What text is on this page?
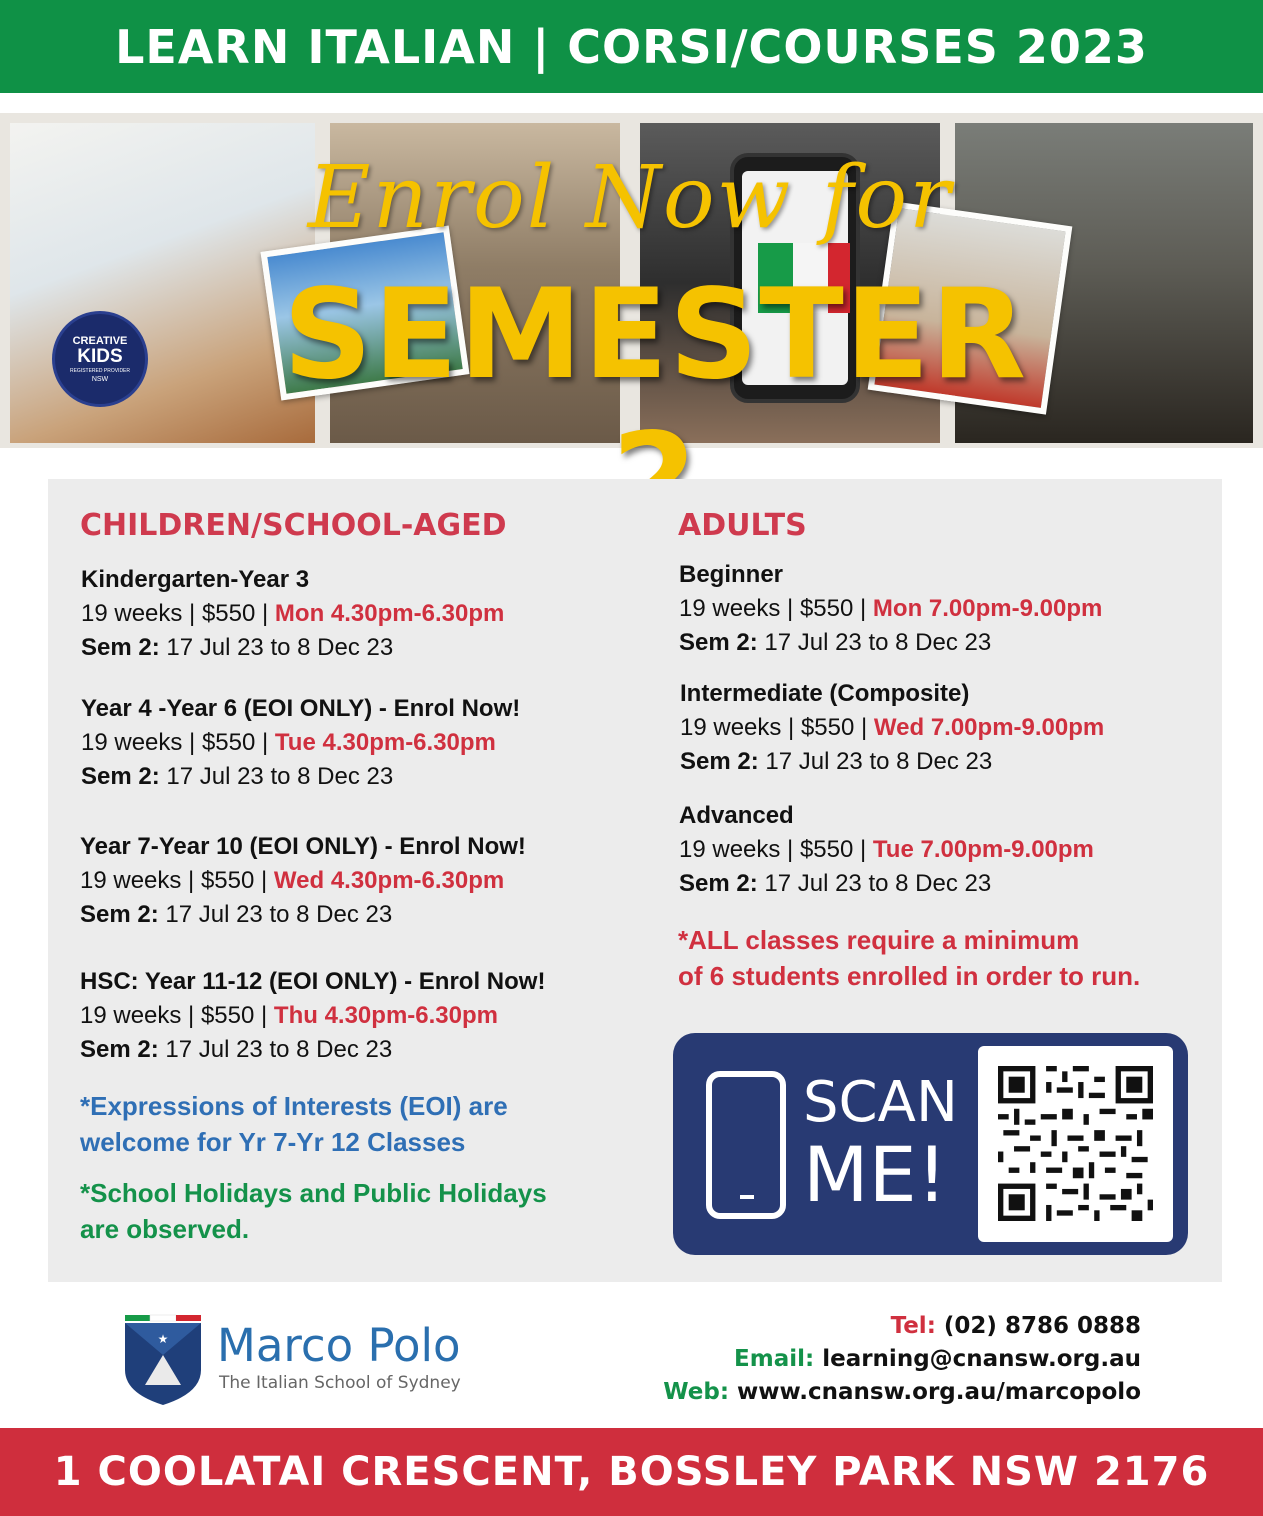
LEARN ITALIAN | CORSI/COURSES 2023
CREATIVE
KIDS
REGISTERED PROVIDER
NSW
Enrol Now for
SEMESTER
CHILDREN/SCHOOL-AGED
Kindergarten-Year 3
19 weeks | $550 | Mon 4.30pm-6.30pm
Sem 2: 17 Jul 23 to 8 Dec 23
Year 4 -Year 6 (EOI ONLY) - Enrol Now!
19 weeks | $550 | Tue 4.30pm-6.30pm
Sem 2: 17 Jul 23 to 8 Dec 23
Year 7-Year 10 (EOI ONLY) - Enrol Now!
19 weeks | $550 | Wed 4.30pm-6.30pm
Sem 2: 17 Jul 23 to 8 Dec 23
HSC: Year 11-12 (EOI ONLY) - Enrol Now!
19 weeks | $550 | Thu 4.30pm-6.30pm
Sem 2: 17 Jul 23 to 8 Dec 23
*Expressions of Interests (EOI) are
welcome for Yr 7-Yr 12 Classes
*School Holidays and Public Holidays
are observed.
ADULTS
Beginner
19 weeks | $550 | Mon 7.00pm-9.00pm
Sem 2: 17 Jul 23 to 8 Dec 23
Intermediate (Composite)
19 weeks | $550 | Wed 7.00pm-9.00pm
Sem 2: 17 Jul 23 to 8 Dec 23
Advanced
19 weeks | $550 | Tue 7.00pm-9.00pm
Sem 2: 17 Jul 23 to 8 Dec 23
*ALL classes require a minimum
of 6 students enrolled in order to run.
SCAN
ME!
★ Marco Polo
The Italian School of Sydney
Tel: (02) 8786 0888
Email: learning@cnansw.org.au
Web: www.cnansw.org.au/marcopolo
1 COOLATAI CRESCENT, BOSSLEY PARK NSW 2176
